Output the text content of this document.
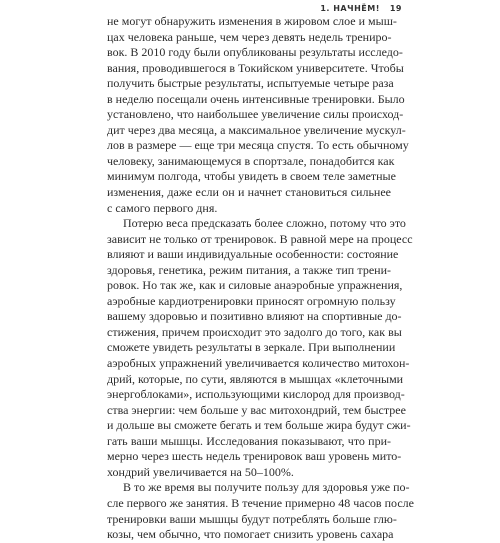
1. НАЧНЁМ! 19
не могут обнаружить изменения в жировом слое и мыш-
цах человека раньше, чем через девять недель трениро-
вок. В 2010 году были опубликованы результаты исследо-
вания, проводившегося в Токийском университете. Чтобы
получить быстрые результаты, испытуемые четыре раза
в неделю посещали очень интенсивные тренировки. Было
установлено, что наибольшее увеличение силы происход-
дит через два месяца, а максимальное увеличение мускул-
лов в размере — еще три месяца спустя. То есть обычному
человеку, занимающемуся в спортзале, понадобится как
минимум полгода, чтобы увидеть в своем теле заметные
изменения, даже если он и начнет становиться сильнее
с самого первого дня.
Потерю веса предсказать более сложно, потому что это
зависит не только от тренировок. В равной мере на процесс
влияют и ваши индивидуальные особенности: состояние
здоровья, генетика, режим питания, а также тип трени-
ровок. Но так же, как и силовые анаэробные упражнения,
аэробные кардиотренировки приносят огромную пользу
вашему здоровью и позитивно влияют на спортивные до-
стижения, причем происходит это задолго до того, как вы
сможете увидеть результаты в зеркале. При выполнении
аэробных упражнений увеличивается количество митохон-
дрий, которые, по сути, являются в мышцах «клеточными
энергоблоками», использующими кислород для производ-
ства энергии: чем больше у вас митохондрий, тем быстрее
и дольше вы сможете бегать и тем больше жира будут сжи-
гать ваши мышцы. Исследования показывают, что при-
мерно через шесть недель тренировок ваш уровень мито-
хондрий увеличивается на 50–100%.
В то же время вы получите пользу для здоровья уже по-
сле первого же занятия. В течение примерно 48 часов после
тренировки ваши мышцы будут потреблять больше глю-
козы, чем обычно, что помогает снизить уровень сахара
